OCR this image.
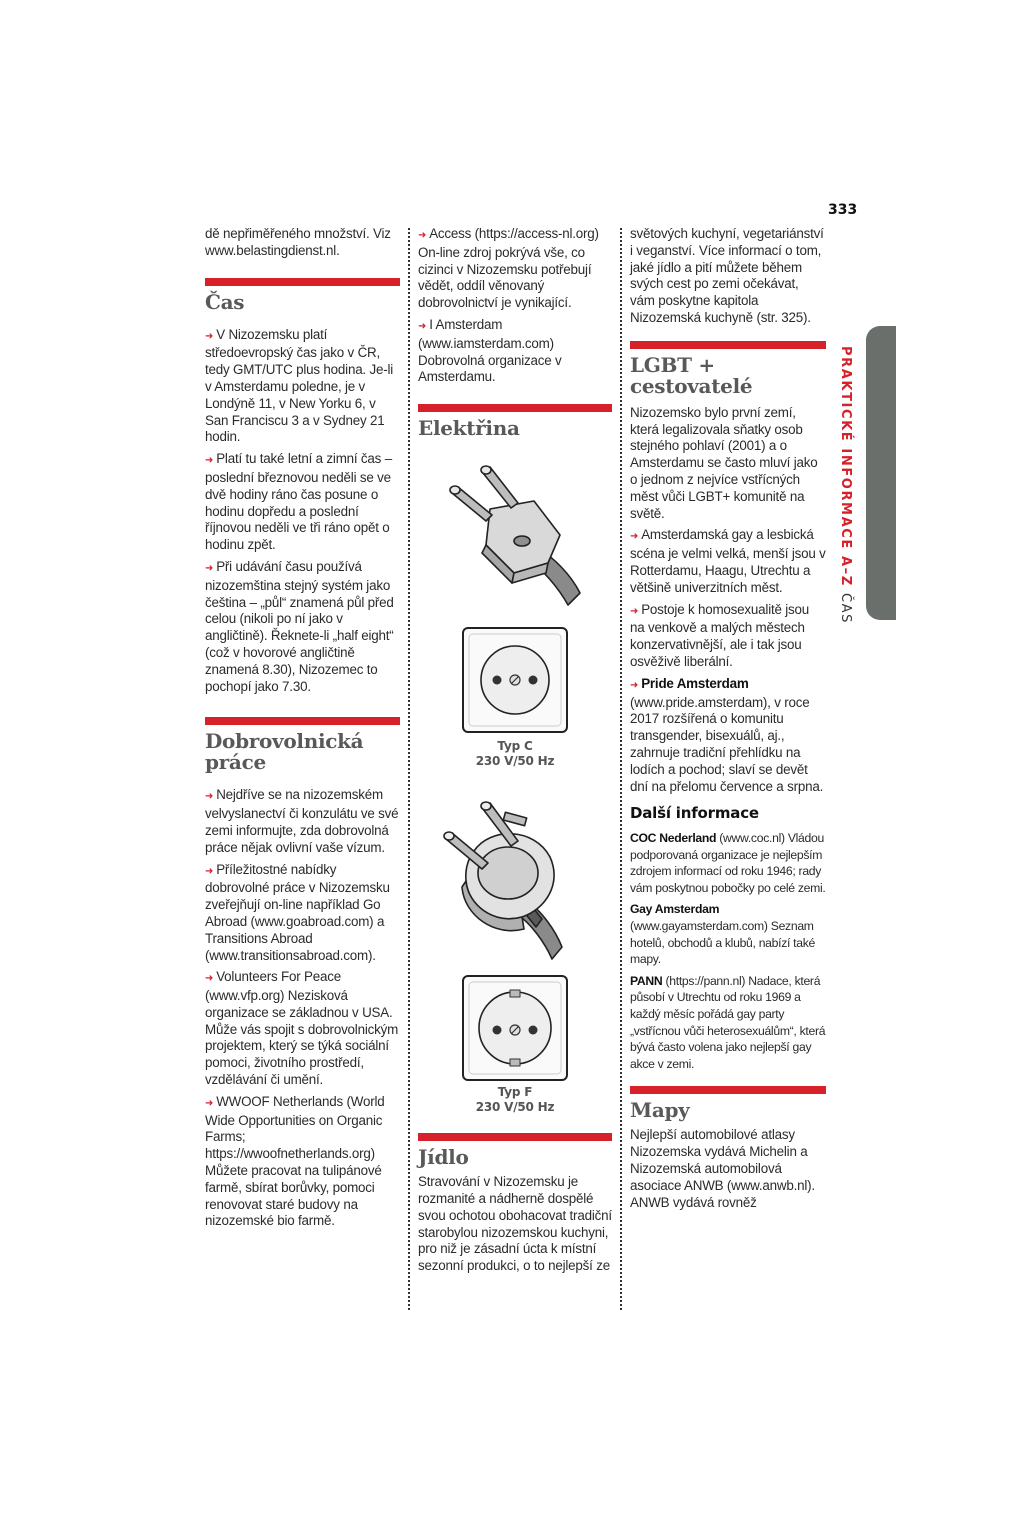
333

dě nepřiměřeného množství. Viz www.belastingdienst.nl.

Čas

➜ V Nizozemsku platí středoevropský čas jako v ČR, tedy GMT/UTC plus hodina. Je-li v Amsterdamu poledne, je v Londýně 11, v New Yorku 6, v San Franciscu 3 a v Sydney 21 hodin.

➜ Platí tu také letní a zimní čas – poslední březnovou neděli se ve dvě hodiny ráno čas posune o hodinu dopředu a poslední říjnovou neděli ve tři ráno opět o hodinu zpět.

➜ Při udávání času používá nizozemština stejný systém jako čeština – „půl“ znamená půl před celou (nikoli po ní jako v angličtině). Řeknete-li „half eight“ (což v hovorové angličtině znamená 8.30), Nizozemec to pochopí jako 7.30.

Dobrovolnická práce

➜ Nejdříve se na nizozemském velvyslanectví či konzulátu ve své zemi informujte, zda dobrovolná práce nějak ovlivní vaše vízum.

➜ Příležitostné nabídky dobrovolné práce v Nizozemsku zveřejňují on-line například Go Abroad (www.goabroad.com) a Transitions Abroad (www.transitionsabroad.com).

➜ Volunteers For Peace (www.vfp.org) Nezisková organizace se základnou v USA. Může vás spojit s dobrovolnickým projektem, který se týká sociální pomoci, životního prostředí, vzdělávání či umění.

➜ WWOOF Netherlands (World Wide Opportunities on Organic Farms; https://wwoofnetherlands.org) Můžete pracovat na tulipánové farmě, sbírat borůvky, pomoci renovovat staré budovy na nizozemské bio farmě.

➜ Access (https://access-nl.org) On-line zdroj pokrývá vše, co cizinci v Nizozemsku potřebují vědět, oddíl věnovaný dobrovolnictví je vynikající.

➜ I Amsterdam (www.iamsterdam.com) Dobrovolná organizace v Amsterdamu.

Elektřina
Typ C
230 V/50 Hz
Typ F
230 V/50 Hz
Jídlo

Stravování v Nizozemsku je rozmanité a nádherně dospělé svou ochotou obohacovat tradiční starobylou nizozemskou kuchyni, pro niž je zásadní úcta k místní sezonní produkci, o to nejlepší ze

světových kuchyní, vegetariánství i veganství. Více informací o tom, jaké jídlo a pití můžete během svých cest po zemi očekávat, vám poskytne kapitola Nizozemská kuchyně (str. 325).

LGBT + cestovatelé

Nizozemsko bylo první zemí, která legalizovala sňatky osob stejného pohlaví (2001) a o Amsterdamu se často mluví jako o jednom z nejvíce vstřícných měst vůči LGBT+ komunitě na světě.

➜ Amsterdamská gay a lesbická scéna je velmi velká, menší jsou v Rotterdamu, Haagu, Utrechtu a většině univerzitních měst.

➜ Postoje k homosexualitě jsou na venkově a malých městech konzervativnější, ale i tak jsou osvěživě liberální.

➜ Pride Amsterdam (www.pride.amsterdam), v roce 2017 rozšířená o komunitu transgender, bisexuálů, aj., zahrnuje tradiční přehlídku na lodích a pochod; slaví se devět dní na přelomu července a srpna.

Další informace

COC Nederland (www.coc.nl) Vládou podporovaná organizace je nejlepším zdrojem informací od roku 1946; rady vám poskytnou pobočky po celé zemi.

Gay Amsterdam (www.gayamsterdam.com) Seznam hotelů, obchodů a klubů, nabízí také mapy.

PANN (https://pann.nl) Nadace, která působí v Utrechtu od roku 1969 a každý měsíc pořádá gay party „vstřícnou vůči heterosexuálům“, která bývá často volena jako nejlepší gay akce v zemi.

Mapy

Nejlepší automobilové atlasy Nizozemska vydává Michelin a Nizozemská automobilová asociace ANWB (www.anwb.nl). ANWB vydává rovněž

PRAKTICKÉ INFORMACE A–Z ČAS
